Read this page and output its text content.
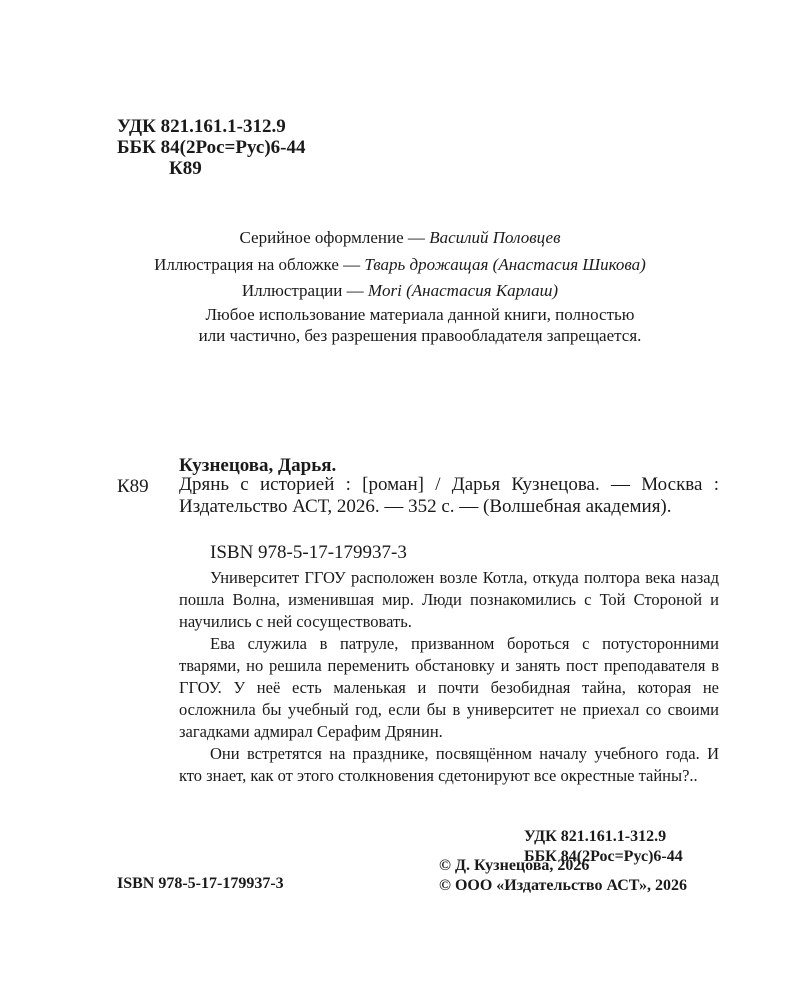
УДК 821.161.1-312.9
ББК 84(2Рос=Рус)6-44
К89
Серийное оформление — Василий Половцев
Иллюстрация на обложке — Тварь дрожащая (Анастасия Шикова)
Иллюстрации — Mori (Анастасия Карлаш)
Любое использование материала данной книги, полностью
или частично, без разрешения правообладателя запрещается.
Кузнецова, Дарья.
К89 Дрянь с историей : [роман] / Дарья Кузнецова. — Москва : Издательство АСТ, 2026. — 352 с. — (Волшебная академия).
ISBN 978-5-17-179937-3

Университет ГГОУ расположен возле Котла, откуда полтора века назад пошла Волна, изменившая мир. Люди познакомились с Той Стороной и научились с ней сосуществовать.

Ева служила в патруле, призванном бороться с потусторонними тварями, но решила переменить обстановку и занять пост преподавателя в ГГОУ. У неё есть маленькая и почти безобидная тайна, которая не осложнила бы учебный год, если бы в университет не приехал со своими загадками адмирал Серафим Дрянин.

Они встретятся на празднике, посвящённом началу учебного года. И кто знает, как от этого столкновения сдетонируют все окрестные тайны?..

УДК 821.161.1-312.9
ББК 84(2Рос=Рус)6-44
© Д. Кузнецова, 2026
© ООО «Издательство АСТ», 2026
ISBN 978-5-17-179937-3
